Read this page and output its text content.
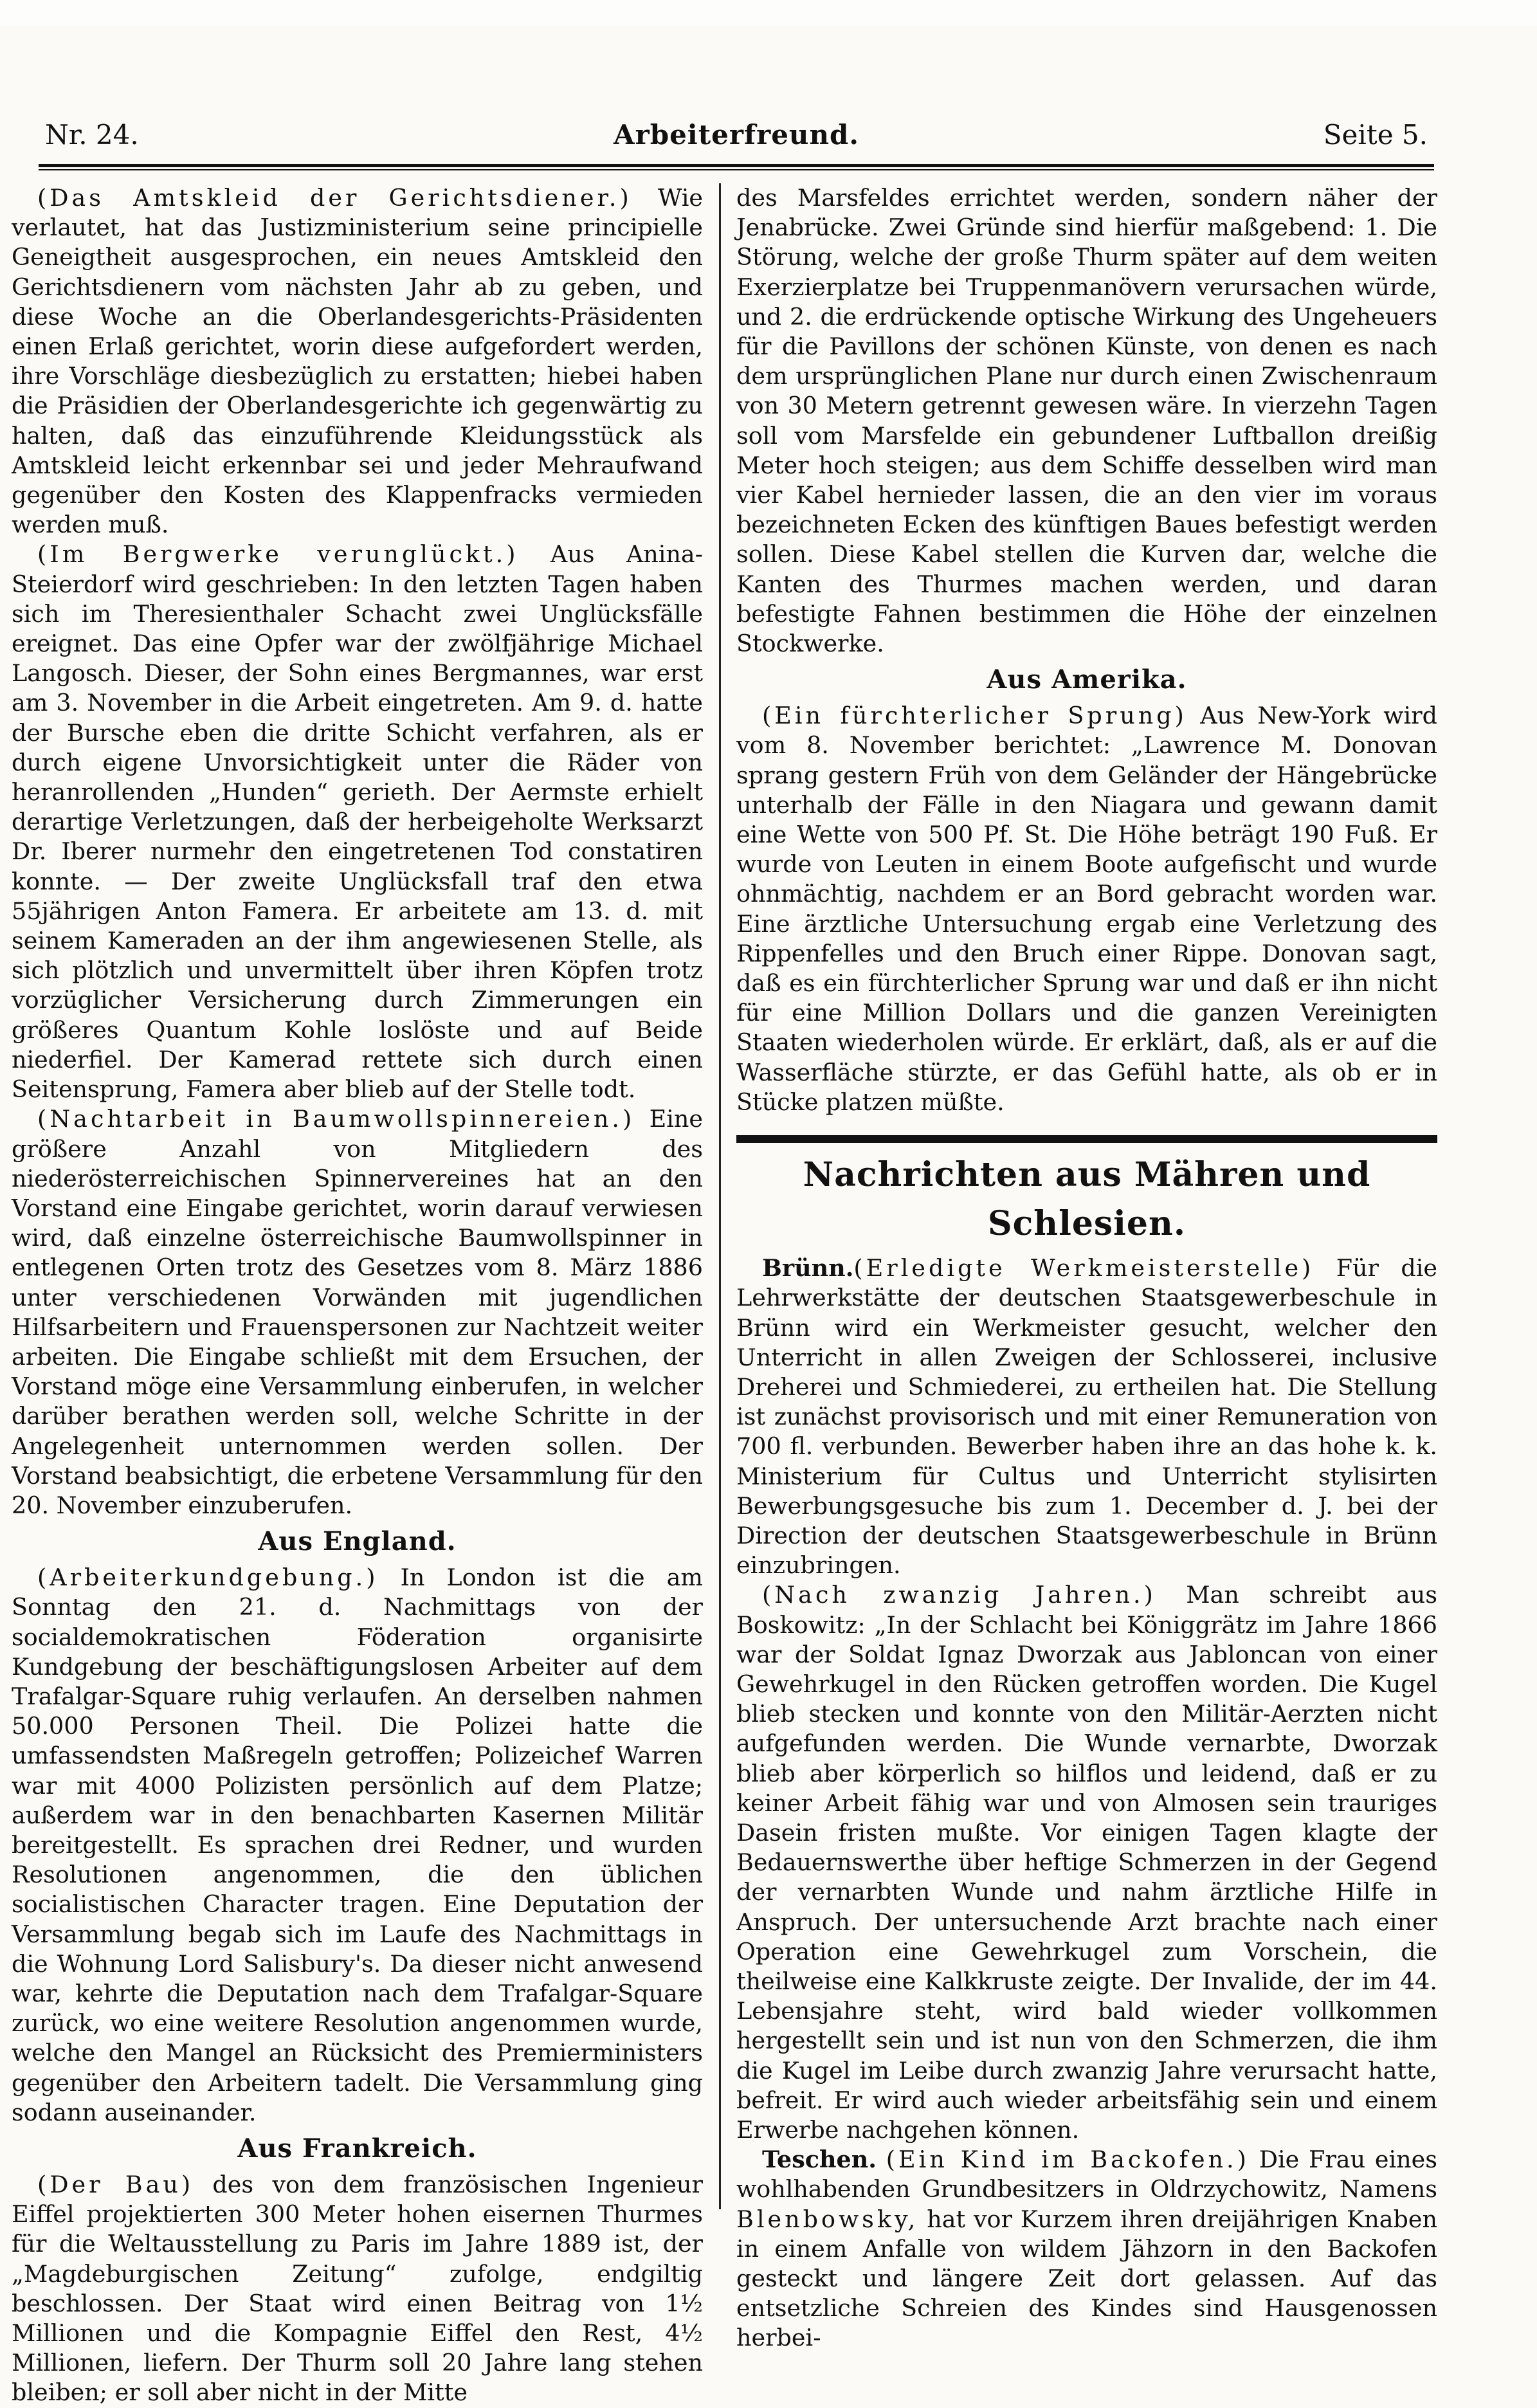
Nr. 24.	Arbeiterfreund.	Seite 5.

(Das Amtskleid der Gerichtsdiener.) Wie verlautet, hat das Justizministerium seine principielle Geneigtheit ausgesprochen, ein neues Amtskleid den Gerichtsdienern vom nächsten Jahr ab zu geben, und diese Woche an die Oberlandesgerichts-Präsidenten einen Erlaß gerichtet, worin diese aufgefordert werden, ihre Vorschläge diesbezüglich zu erstatten; hiebei haben die Präsidien der Oberlandesgerichte ich gegenwärtig zu halten, daß das einzuführende Kleidungsstück als Amtskleid leicht erkennbar sei und jeder Mehraufwand gegenüber den Kosten des Klappenfracks vermieden werden muß.

(Im Bergwerke verunglückt.) Aus Anina-Steierdorf wird geschrieben: In den letzten Tagen haben sich im Theresienthaler Schacht zwei Unglücksfälle ereignet. Das eine Opfer war der zwölfjährige Michael Langosch. Dieser, der Sohn eines Bergmannes, war erst am 3. November in die Arbeit eingetreten. Am 9. d. hatte der Bursche eben die dritte Schicht verfahren, als er durch eigene Unvorsichtigkeit unter die Räder von heranrollenden „Hunden“ gerieth. Der Aermste erhielt derartige Verletzungen, daß der herbeigeholte Werksarzt Dr. Iberer nurmehr den eingetretenen Tod constatiren konnte. — Der zweite Unglücksfall traf den etwa 55jährigen Anton Famera. Er arbeitete am 13. d. mit seinem Kameraden an der ihm angewiesenen Stelle, als sich plötzlich und unvermittelt über ihren Köpfen trotz vorzüglicher Versicherung durch Zimmerungen ein größeres Quantum Kohle loslöste und auf Beide niederfiel. Der Kamerad rettete sich durch einen Seitensprung, Famera aber blieb auf der Stelle todt.

(Nachtarbeit in Baumwollspinnereien.) Eine größere Anzahl von Mitgliedern des niederösterreichischen Spinnervereines hat an den Vorstand eine Eingabe gerichtet, worin darauf verwiesen wird, daß einzelne österreichische Baumwollspinner in entlegenen Orten trotz des Gesetzes vom 8. März 1886 unter verschiedenen Vorwänden mit jugendlichen Hilfsarbeitern und Frauenspersonen zur Nachtzeit weiter arbeiten. Die Eingabe schließt mit dem Ersuchen, der Vorstand möge eine Versammlung einberufen, in welcher darüber berathen werden soll, welche Schritte in der Angelegenheit unternommen werden sollen. Der Vorstand beabsichtigt, die erbetene Versammlung für den 20. November einzuberufen.

Aus England.

(Arbeiterkundgebung.) In London ist die am Sonntag den 21. d. Nachmittags von der socialdemokratischen Föderation organisirte Kundgebung der beschäftigungslosen Arbeiter auf dem Trafalgar-Square ruhig verlaufen. An derselben nahmen 50.000 Personen Theil. Die Polizei hatte die umfassendsten Maßregeln getroffen; Polizeichef Warren war mit 4000 Polizisten persönlich auf dem Platze; außerdem war in den benachbarten Kasernen Militär bereitgestellt. Es sprachen drei Redner, und wurden Resolutionen angenommen, die den üblichen socialistischen Character tragen. Eine Deputation der Versammlung begab sich im Laufe des Nachmittags in die Wohnung Lord Salisbury's. Da dieser nicht anwesend war, kehrte die Deputation nach dem Trafalgar-Square zurück, wo eine weitere Resolution angenommen wurde, welche den Mangel an Rücksicht des Premierministers gegenüber den Arbeitern tadelt. Die Versammlung ging sodann auseinander.

Aus Frankreich.

(Der Bau) des von dem französischen Ingenieur Eiffel projektierten 300 Meter hohen eisernen Thurmes für die Weltausstellung zu Paris im Jahre 1889 ist, der „Magdeburgischen Zeitung“ zufolge, endgiltig beschlossen. Der Staat wird einen Beitrag von 1½ Millionen und die Kompagnie Eiffel den Rest, 4½ Millionen, liefern. Der Thurm soll 20 Jahre lang stehen bleiben; er soll aber nicht in der Mitte

des Marsfeldes errichtet werden, sondern näher der Jenabrücke. Zwei Gründe sind hierfür maßgebend: 1. Die Störung, welche der große Thurm später auf dem weiten Exerzierplatze bei Truppenmanövern verursachen würde, und 2. die erdrückende optische Wirkung des Ungeheuers für die Pavillons der schönen Künste, von denen es nach dem ursprünglichen Plane nur durch einen Zwischenraum von 30 Metern getrennt gewesen wäre. In vierzehn Tagen soll vom Marsfelde ein gebundener Luftballon dreißig Meter hoch steigen; aus dem Schiffe desselben wird man vier Kabel hernieder lassen, die an den vier im voraus bezeichneten Ecken des künftigen Baues befestigt werden sollen. Diese Kabel stellen die Kurven dar, welche die Kanten des Thurmes machen werden, und daran befestigte Fahnen bestimmen die Höhe der einzelnen Stockwerke.

Aus Amerika.

(Ein fürchterlicher Sprung) Aus New-York wird vom 8. November berichtet: „Lawrence M. Donovan sprang gestern Früh von dem Geländer der Hängebrücke unterhalb der Fälle in den Niagara und gewann damit eine Wette von 500 Pf. St. Die Höhe beträgt 190 Fuß. Er wurde von Leuten in einem Boote aufgefischt und wurde ohnmächtig, nachdem er an Bord gebracht worden war. Eine ärztliche Untersuchung ergab eine Verletzung des Rippenfelles und den Bruch einer Rippe. Donovan sagt, daß es ein fürchterlicher Sprung war und daß er ihn nicht für eine Million Dollars und die ganzen Vereinigten Staaten wiederholen würde. Er erklärt, daß, als er auf die Wasserfläche stürzte, er das Gefühl hatte, als ob er in Stücke platzen müßte.

Nachrichten aus Mähren und Schlesien.

Brünn.(Erledigte Werkmeisterstelle) Für die Lehrwerkstätte der deutschen Staatsgewerbeschule in Brünn wird ein Werkmeister gesucht, welcher den Unterricht in allen Zweigen der Schlosserei, inclusive Dreherei und Schmiederei, zu ertheilen hat. Die Stellung ist zunächst provisorisch und mit einer Remuneration von 700 fl. verbunden. Bewerber haben ihre an das hohe k. k. Ministerium für Cultus und Unterricht stylisirten Bewerbungsgesuche bis zum 1. December d. J. bei der Direction der deutschen Staatsgewerbeschule in Brünn einzubringen.

(Nach zwanzig Jahren.) Man schreibt aus Boskowitz: „In der Schlacht bei Königgrätz im Jahre 1866 war der Soldat Ignaz Dworzak aus Jabloncan von einer Gewehrkugel in den Rücken getroffen worden. Die Kugel blieb stecken und konnte von den Militär-Aerzten nicht aufgefunden werden. Die Wunde vernarbte, Dworzak blieb aber körperlich so hilflos und leidend, daß er zu keiner Arbeit fähig war und von Almosen sein trauriges Dasein fristen mußte. Vor einigen Tagen klagte der Bedauernswerthe über heftige Schmerzen in der Gegend der vernarbten Wunde und nahm ärztliche Hilfe in Anspruch. Der untersuchende Arzt brachte nach einer Operation eine Gewehrkugel zum Vorschein, die theilweise eine Kalkkruste zeigte. Der Invalide, der im 44. Lebensjahre steht, wird bald wieder vollkommen hergestellt sein und ist nun von den Schmerzen, die ihm die Kugel im Leibe durch zwanzig Jahre verursacht hatte, befreit. Er wird auch wieder arbeitsfähig sein und einem Erwerbe nachgehen können.

Teschen. (Ein Kind im Backofen.) Die Frau eines wohlhabenden Grundbesitzers in Oldrzychowitz, Namens Blenbowsky, hat vor Kurzem ihren dreijährigen Knaben in einem Anfalle von wildem Jähzorn in den Backofen gesteckt und längere Zeit dort gelassen. Auf das entsetzliche Schreien des Kindes sind Hausgenossen herbei-
